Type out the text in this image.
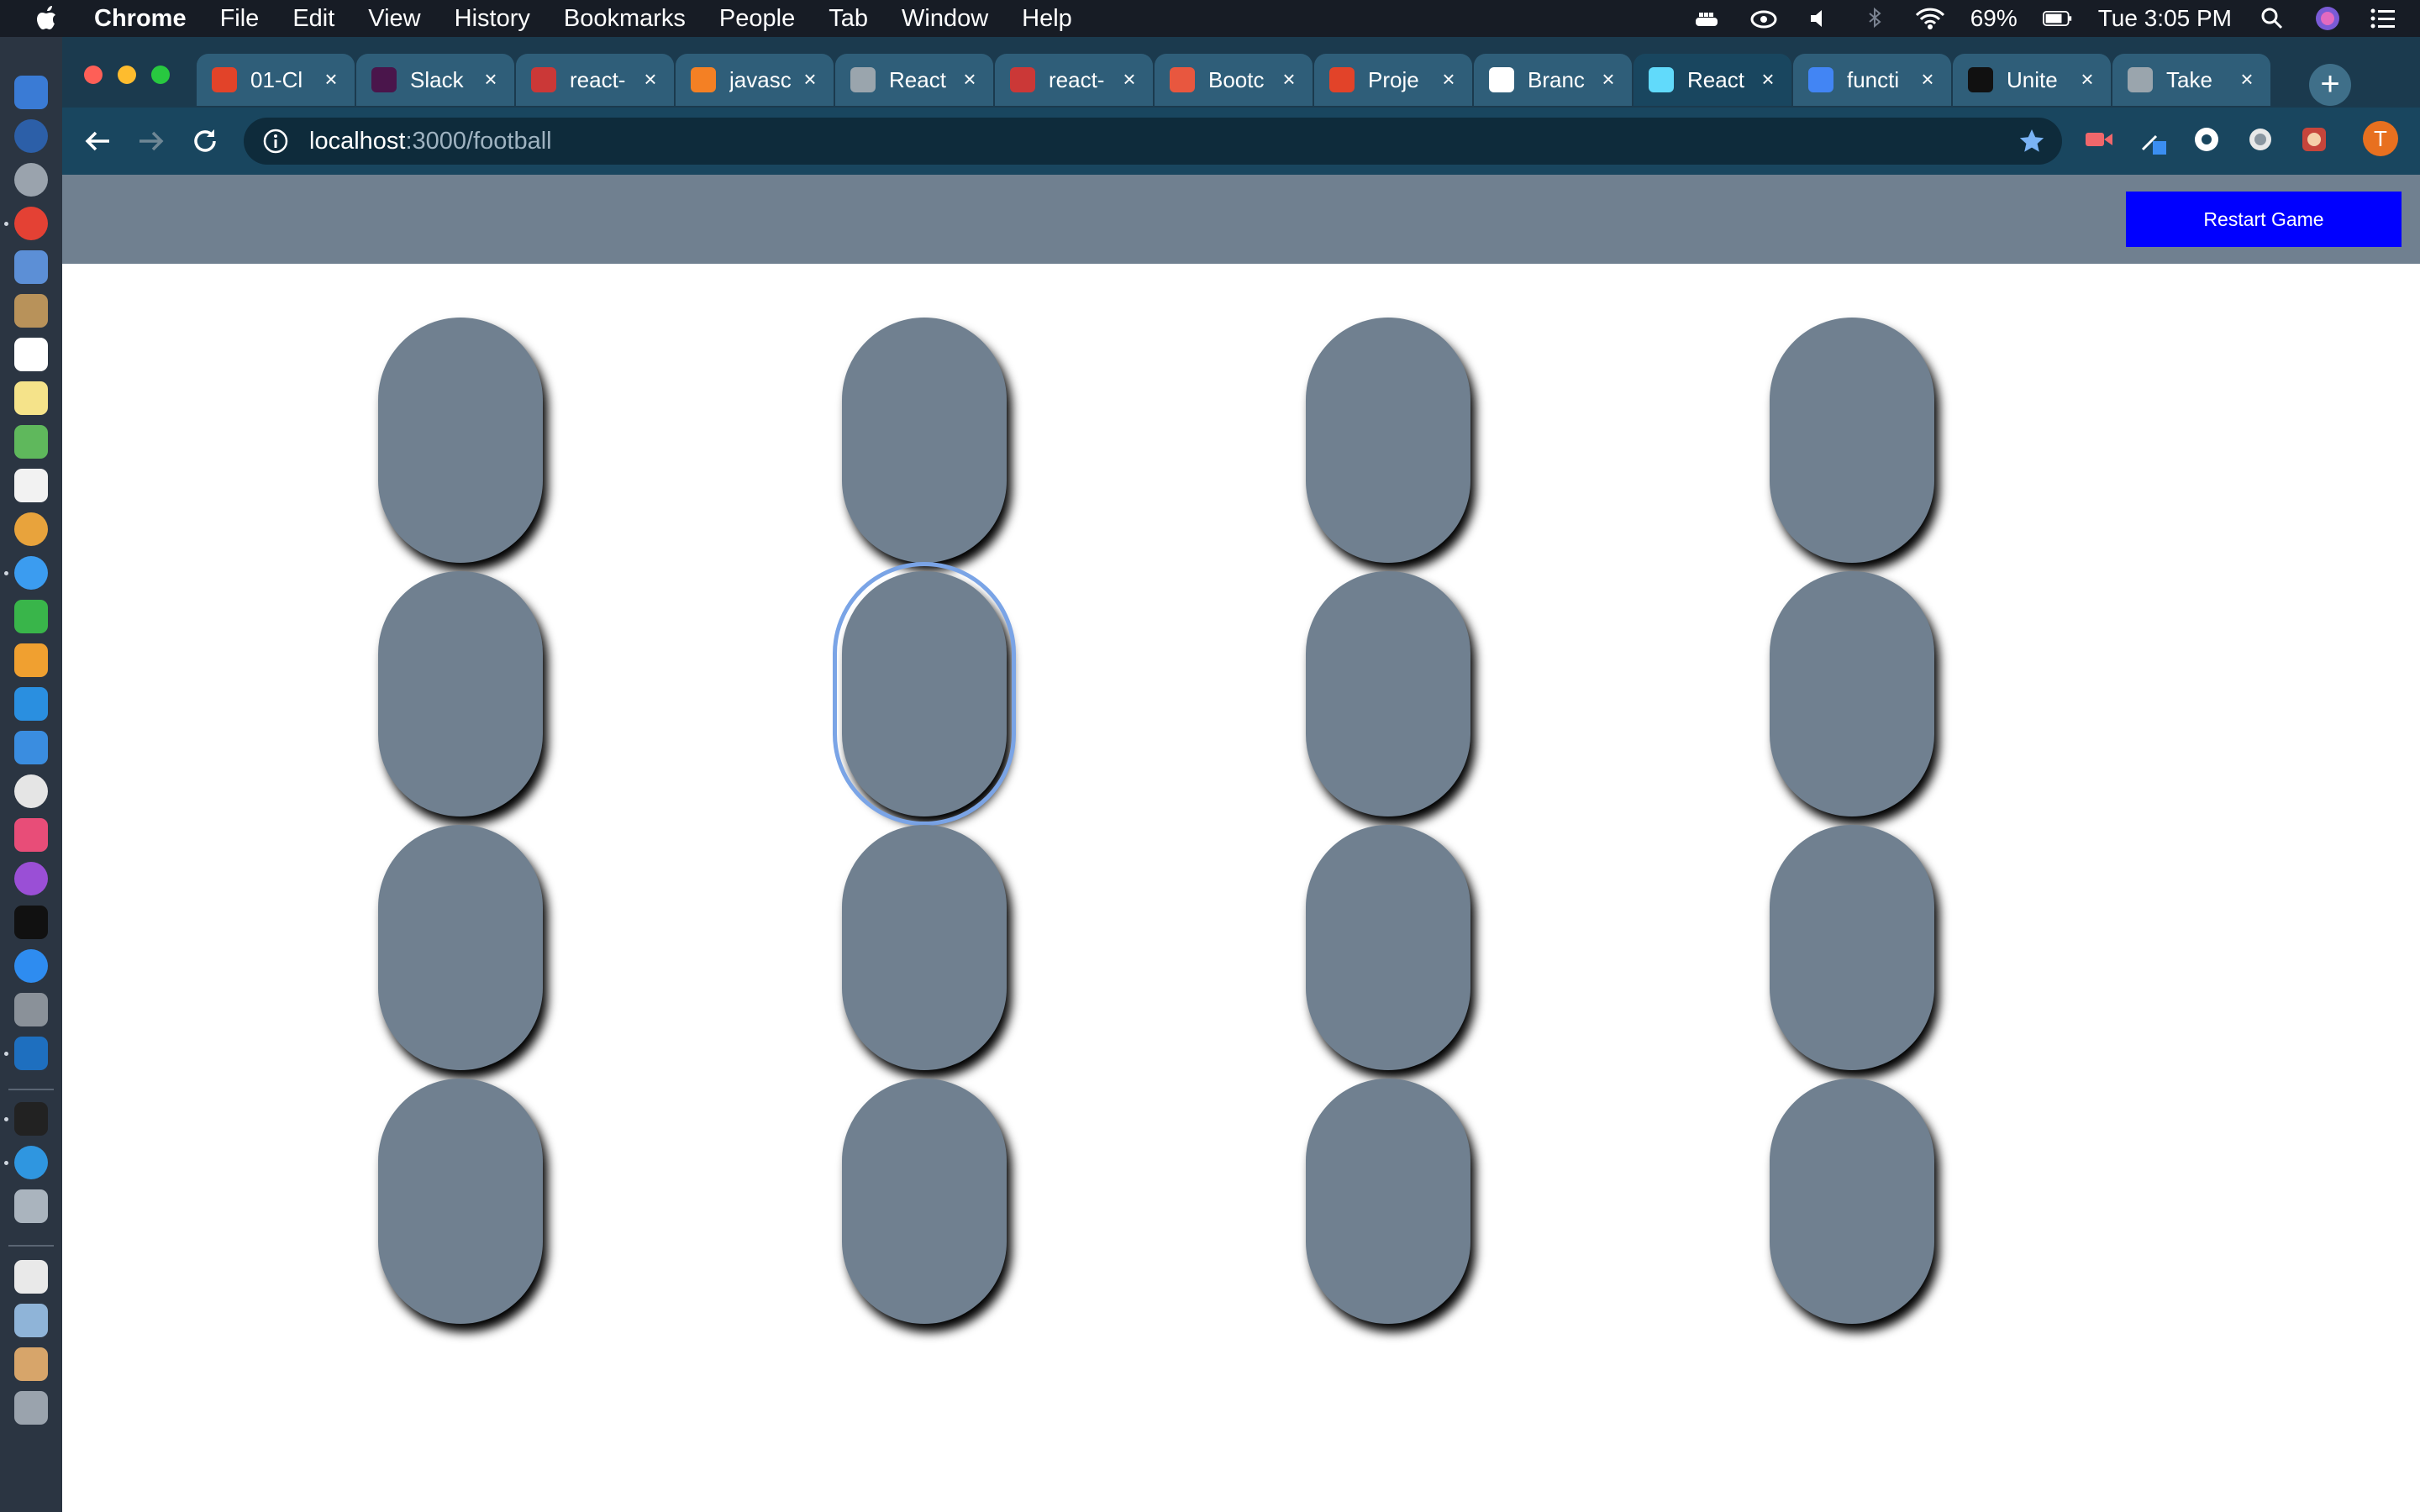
Chrome File Edit View History Bookmarks People Tab Window Help	69%	Tue 3:05 PM
01-Cl	×	Slack ×	react- ×	javasc ×	React ×	react- ×	Bootc ×	Proje	×	Branc ×	React ×	functi	×	Unite	×	Take	×	+
localhost:3000/football	T
Restart Game
